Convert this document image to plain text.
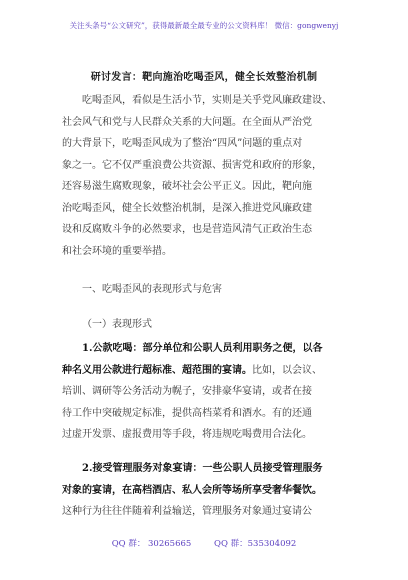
关注头条号“公文研究”，获得最新最全最专业的公文资料库！ 微信：gongwenyj
研讨发言：靶向施治吃喝歪风，健全长效整治机制
吃喝歪风，看似是生活小节，实则是关乎党风廉政建设、
社会风气和党与人民群众关系的大问题。在全面从严治党
的大背景下，吃喝歪风成为了整治“四风”问题的重点对
象之一。它不仅严重浪费公共资源、损害党和政府的形象，
还容易滋生腐败现象，破坏社会公平正义。因此，靶向施
治吃喝歪风，健全长效整治机制，是深入推进党风廉政建
设和反腐败斗争的必然要求，也是营造风清气正政治生态
和社会环境的重要举措。
一、吃喝歪风的表现形式与危害
（一）表现形式
1.公款吃喝：部分单位和公职人员利用职务之便，以各
种名义用公款进行超标准、超范围的宴请。比如，以会议、
培训、调研等公务活动为幌子，安排豪华宴请，或者在接
待工作中突破规定标准，提供高档菜肴和酒水。有的还通
过虚开发票、虚报费用等手段，将违规吃喝费用合法化。
2.接受管理服务对象宴请：一些公职人员接受管理服务
对象的宴请，在高档酒店、私人会所等场所享受奢华餐饮。
这种行为往往伴随着利益输送，管理服务对象通过宴请公
QQ 群： 30265665	QQ 群：535304092
